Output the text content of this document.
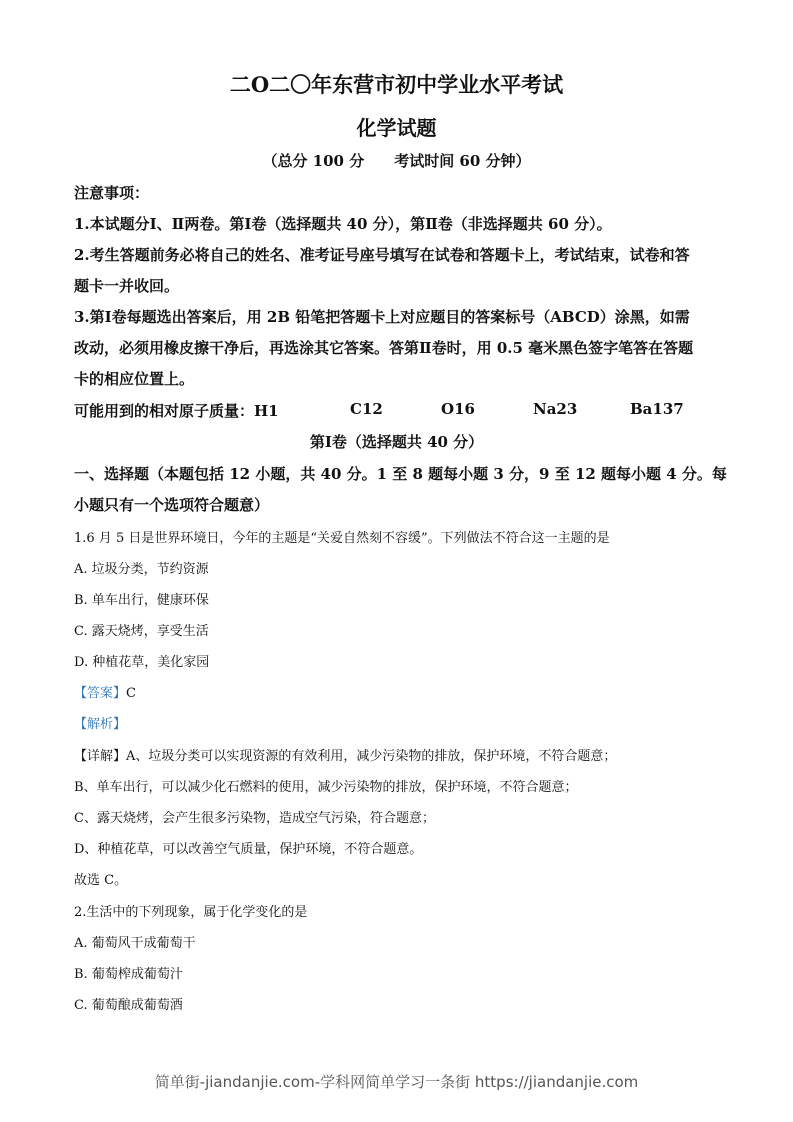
二O二〇年东营市初中学业水平考试
化学试题
（总分 100 分　　考试时间 60 分钟）
注意事项：
1.本试题分Ⅰ、Ⅱ两卷。第Ⅰ卷（选择题共 40 分），第Ⅱ卷（非选择题共 60 分）。
2.考生答题前务必将自己的姓名、准考证号座号填写在试卷和答题卡上，考试结束，试卷和答
题卡一并收回。
3.第Ⅰ卷每题选出答案后，用 2B 铅笔把答题卡上对应题目的答案标号（ABCD）涂黑，如需
改动，必须用橡皮擦干净后，再选涂其它答案。答第Ⅱ卷时，用 0.5 毫米黑色签字笔答在答题
卡的相应位置上。
可能用到的相对原子质量：H1	C12	O16	Na23	Ba137
第Ⅰ卷（选择题共 40 分）
一、选择题（本题包括 12 小题，共 40 分。1 至 8 题每小题 3 分，9 至 12 题每小题 4 分。每
小题只有一个选项符合题意）
1.6 月 5 日是世界环境日，今年的主题是“关爱自然刻不容缓”。下列做法不符合这一主题的是
A. 垃圾分类，节约资源
B. 单车出行，健康环保
C. 露天烧烤，享受生活
D. 种植花草，美化家园
【答案】C
【解析】
【详解】A、垃圾分类可以实现资源的有效利用，减少污染物的排放，保护环境，不符合题意；
B、单车出行，可以减少化石燃料的使用，减少污染物的排放，保护环境，不符合题意；
C、露天烧烤，会产生很多污染物，造成空气污染，符合题意；
D、种植花草，可以改善空气质量，保护环境，不符合题意。
故选 C。
2.生活中的下列现象，属于化学变化的是
A. 葡萄风干成葡萄干
B. 葡萄榨成葡萄汁
C. 葡萄酿成葡萄酒
简单街-jiandanjie.com-学科网简单学习一条街 https://jiandanjie.com
